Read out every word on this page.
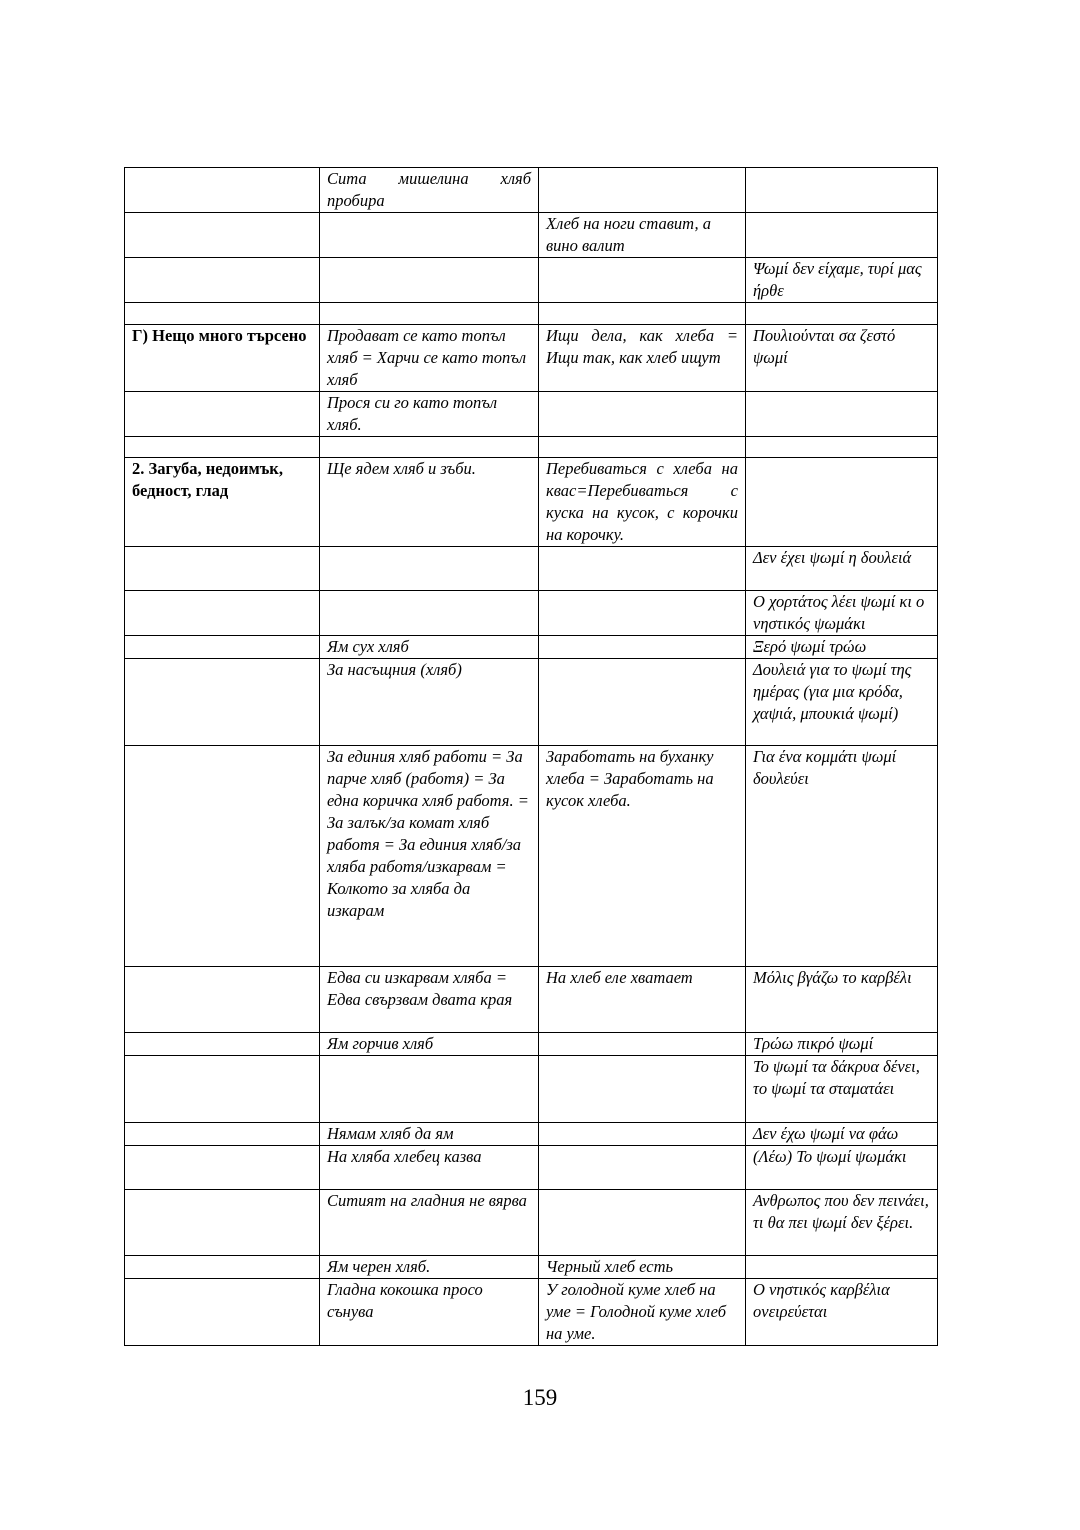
	Сита мишелина хляб пробира		
		Хлеб на ноги ставит, а вино валит	
			Ψωμί δεν είχαμε, τυρί μας ήρθε

Г) Нещо много търсено	Продават се като топъл хляб = Харчи се като топъл хляб	Ищи дела, как хлеба = Ищи так, как хлеб ищут	Πουλιούνται σα ζεστό ψωμί
	Прося си го като топъл хляб.		

2. Загуба, недоимък, бедност, глад	Ще ядем хляб и зъби.	Перебиваться с хлеба на квас=Перебиваться с куска на кусок, с корочки на корочку.	
			Δεν έχει ψωμί η δουλειά
			Ο χορτάτος λέει ψωμί κι ο νηστικός ψωμάκι
	Ям сух хляб		Ξερό ψωμί τρώω
	За насъщния (хляб)		Δουλειά για το ψωμί της ημέρας (για μια κρόδα, χαψιά, μπουκιά ψωμί)
	За единия хляб работи = За парче хляб (работя) = За една коричка хляб работя. = За залък/за комат хляб работя = За единия хляб/за хляба работя/изкарвам = Колкото за хляба да изкарам	Заработать на буханку хлеба = Заработать на кусок хлеба.	Για ένα κομμάτι ψωμί δουλεύει
	Едва си изкарвам хляба = Едва свързвам двата края	На хлеб еле хватает	Μόλις βγάζω το καρβέλι
	Ям горчив хляб		Τρώω πικρό ψωμί
			Το ψωμί τα δάκρυα δένει, το ψωμί τα σταματάει
	Нямам хляб да ям		Δεν έχω ψωμί να φάω
	На хляба хлебец казва		(Λέω) Το ψωμί ψωμάκι
	Ситият на гладния не вярва		Ανθρωπος που δεν πεινάει, τι θα πει ψωμί δεν ξέρει.
	Ям черен хляб.	Черный хлеб есть	
	Гладна кокошка просо сънува	У голодной куме хлеб на уме = Голодной куме хлеб на уме.	Ο νηστικός καρβέλια ονειρεύεται
159
